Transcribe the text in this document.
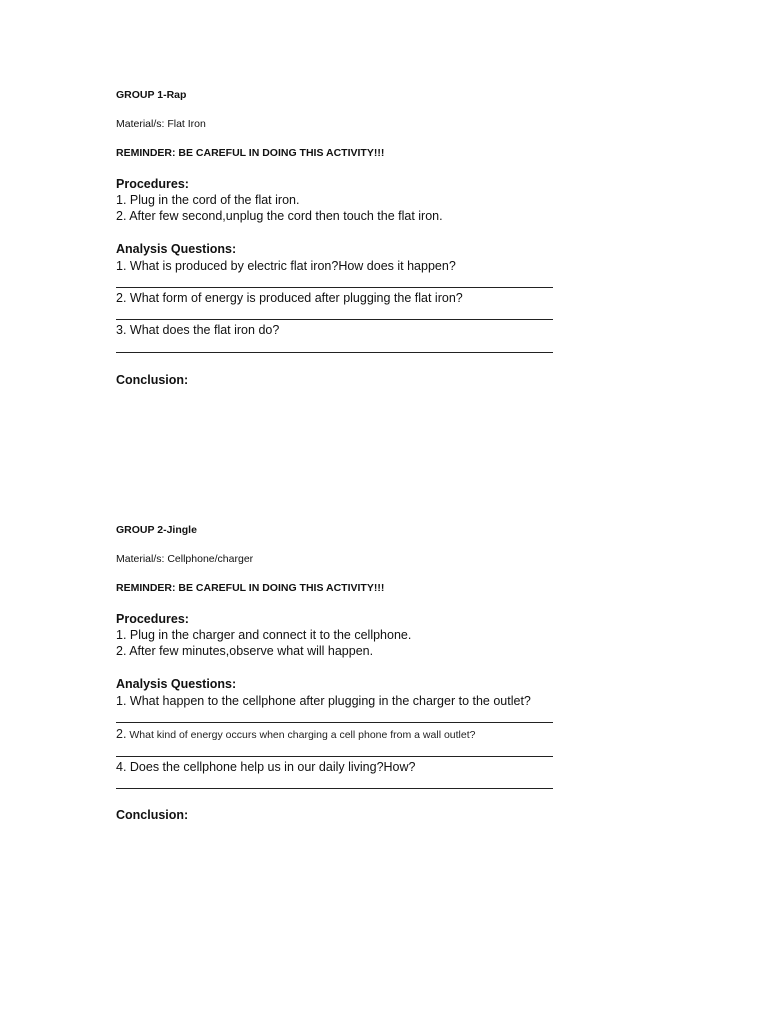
GROUP 1-Rap
Material/s: Flat Iron
REMINDER: BE CAREFUL IN DOING THIS ACTIVITY!!!
Procedures:
1. Plug in the cord of the flat iron.
2. After few second,unplug the cord then touch the flat iron.
Analysis Questions:
1. What is produced by electric flat iron?How does it happen?
2. What form of energy is produced after plugging the flat iron?
3. What does the flat iron do?
Conclusion:
GROUP 2-Jingle
Material/s: Cellphone/charger
REMINDER: BE CAREFUL IN DOING THIS ACTIVITY!!!
Procedures:
1. Plug in the charger and connect it to the cellphone.
2. After few minutes,observe what will happen.
Analysis Questions:
1. What happen to the cellphone after plugging in the charger to the outlet?
2. What kind of energy occurs when charging a cell phone from a wall outlet?
4. Does the cellphone help us in our daily living?How?
Conclusion:
